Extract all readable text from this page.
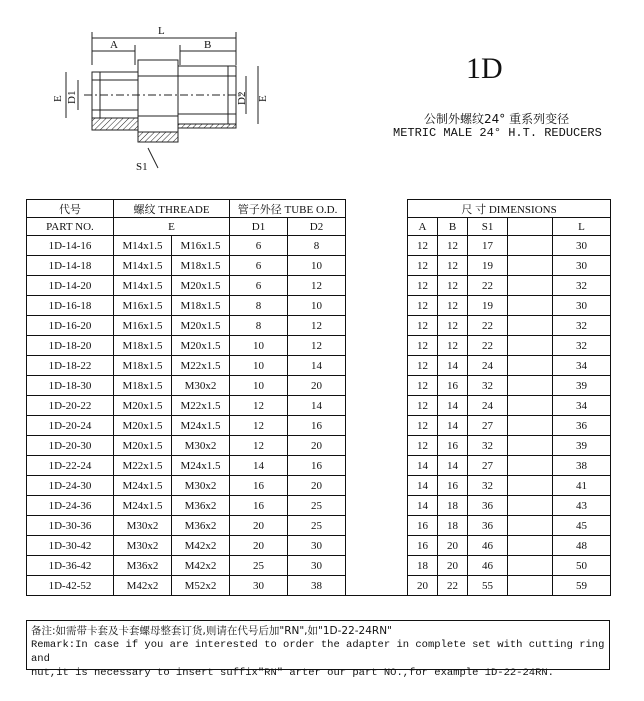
L
A	B
E D1	D2 E
S1
1D
公制外螺纹24° 重系列变径
METRIC MALE 24° H.T. REDUCERS
代号	螺纹 THREADE		管子外径 TUBE O.D.			尺 寸 DIMENSIONS				
PART NO.	E		D1	D2		A	B	S1		L
1D-14-16	M14x1.5	M16x1.5	6	8		12	12	17		30
1D-14-18	M14x1.5	M18x1.5	6	10		12	12	19		30
1D-14-20	M14x1.5	M20x1.5	6	12		12	12	22		32
1D-16-18	M16x1.5	M18x1.5	8	10		12	12	19		30
1D-16-20	M16x1.5	M20x1.5	8	12		12	12	22		32
1D-18-20	M18x1.5	M20x1.5	10	12		12	12	22		32
1D-18-22	M18x1.5	M22x1.5	10	14		12	14	24		34
1D-18-30	M18x1.5	M30x2	10	20		12	16	32		39
1D-20-22	M20x1.5	M22x1.5	12	14		12	14	24		34
1D-20-24	M20x1.5	M24x1.5	12	16		12	14	27		36
1D-20-30	M20x1.5	M30x2	12	20		12	16	32		39
1D-22-24	M22x1.5	M24x1.5	14	16		14	14	27		38
1D-24-30	M24x1.5	M30x2	16	20		14	16	32		41
1D-24-36	M24x1.5	M36x2	16	25		14	18	36		43
1D-30-36	M30x2	M36x2	20	25		16	18	36		45
1D-30-42	M30x2	M42x2	20	30		16	20	46		48
1D-36-42	M36x2	M42x2	25	30		18	20	46		50
1D-42-52	M42x2	M52x2	30	38		20	22	55		59
备注:如需带卡套及卡套螺母整套订货,则请在代号后加"RN",如"1D-22-24RN"
Remark:In case if you are interested to order the adapter in complete set with cutting ring and
nut,it is necessary to insert suffix"RN" arter our part NO.,for example 1D-22-24RN.
